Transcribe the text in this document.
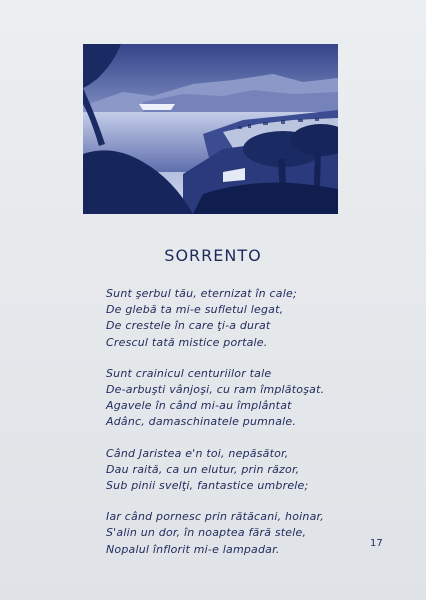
SORRENTO
Sunt şerbul tău, eternizat în cale;
De glebă ta mi-e sufletul legat,
De crestele în care ţi-a durat
Crescul tată mistice portale.
Sunt crainicul centuriilor tale
De-arbuşti vânjoşi, cu ram împlătoşat.
Agavele în când mi-au împlântat
Adânc, damaschinatele pumnale.
Când Jaristea e'n toi, nepăsător,
Dau raită, ca un elutur, prin răzor,
Sub pinii svelţi, fantastice umbrele;
Iar când pornesc prin rătăcani, hoinar,
S'alin un dor, în noaptea fără stele,
Nopalul înflorit mi-e lampadar.	17
